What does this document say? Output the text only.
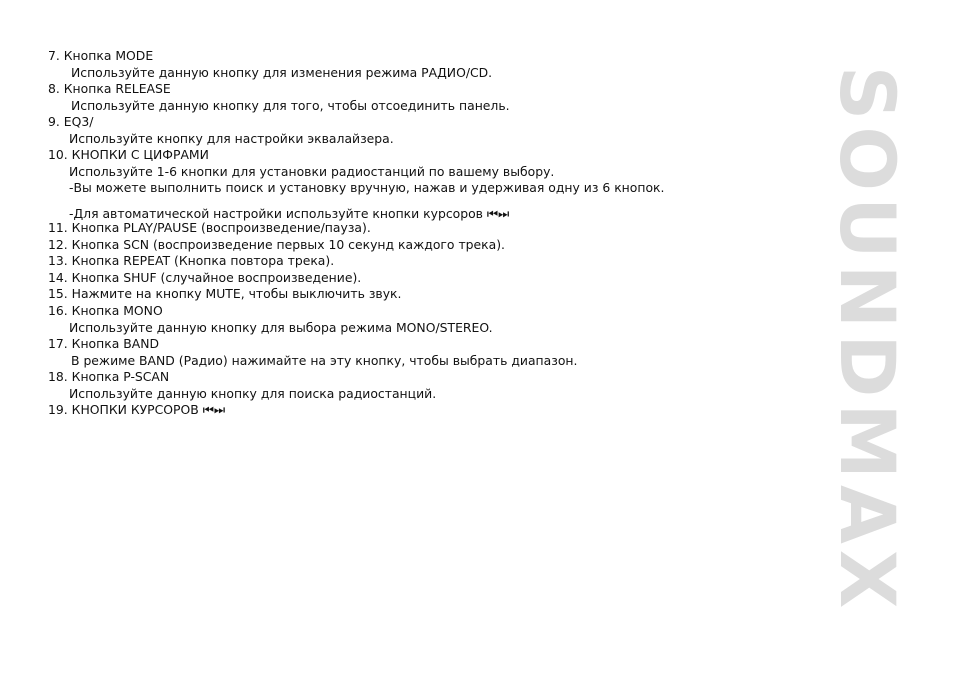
7. Кнопка MODE
Используйте данную кнопку для изменения режима РАДИО/CD.
8. Кнопка RELEASE
Используйте данную кнопку для того, чтобы отсоединить панель.
9. EQ3/
Используйте кнопку для настройки эквалайзера.
10. КНОПКИ С ЦИФРАМИ
Используйте 1-6 кнопки для установки радиостанций по вашему выбору.
-Вы можете выполнить поиск и установку вручную, нажав и удерживая одну из 6 кнопок.
-Для автоматической настройки используйте кнопки курсоров ⏮⏭
11. Кнопка PLAY/PAUSE (воспроизведение/пауза).
12. Кнопка SCN (воспроизведение первых 10 секунд каждого трека).
13. Кнопка REPEAT (Кнопка повтора трека).
14. Кнопка SHUF (случайное воспроизведение).
15. Нажмите на кнопку MUTE, чтобы выключить звук.
16. Кнопка MONO
Используйте данную кнопку для выбора режима MONO/STEREO.
17. Кнопка BAND
В режиме BAND (Радио) нажимайте на эту кнопку, чтобы выбрать диапазон.
18. Кнопка P-SCAN
Используйте данную кнопку для поиска радиостанций.
19. КНОПКИ КУРСОРОВ ⏮⏭	SOUNDMAX
